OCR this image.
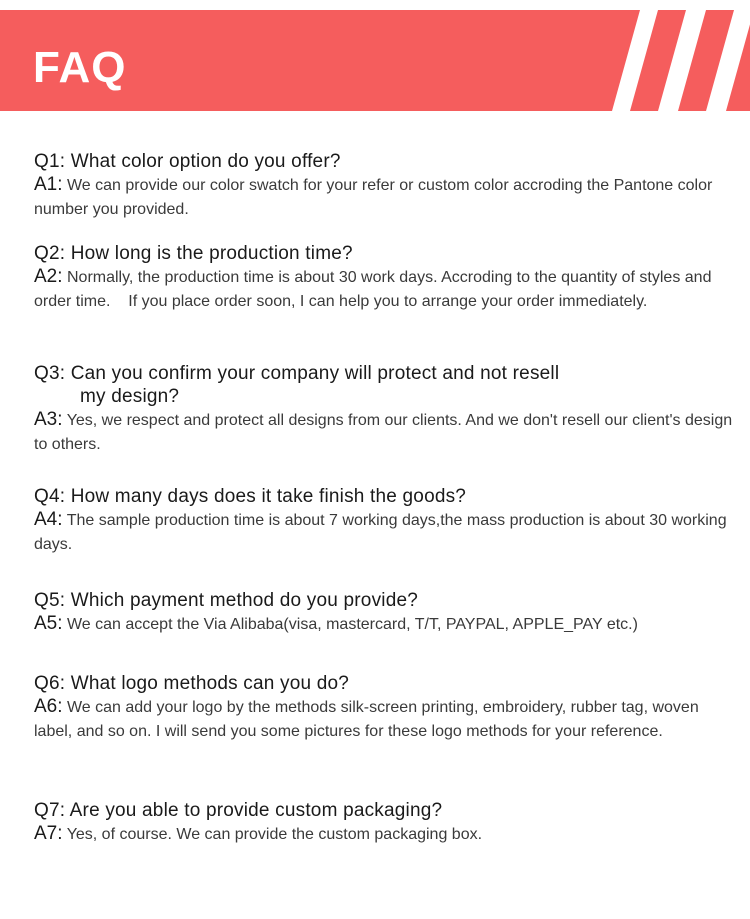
FAQ
Q1: What color option do you offer?
A1: We can provide our color swatch for your refer or custom color accroding the Pantone color number you provided.
Q2: How long is the production time?
A2: Normally, the production time is about 30 work days. Accroding to the quantity of styles and order time.    If you place order soon, I can help you to arrange your order immediately.
Q3: Can you confirm your company will protect and not resell
my design?
A3: Yes, we respect and protect all designs from our clients. And we don't resell our client's design to others.
Q4: How many days does it take finish the goods?
A4: The sample production time is about 7 working days,the mass production is about 30 working days.
Q5: Which payment method do you provide?
A5: We can accept the Via Alibaba(visa, mastercard, T/T, PAYPAL, APPLE_PAY etc.)
Q6: What logo methods can you do?
A6: We can add your logo by the methods silk-screen printing, embroidery, rubber tag, woven label, and so on. I will send you some pictures for these logo methods for your reference.
Q7: Are you able to provide custom packaging?
A7: Yes, of course. We can provide the custom packaging box.
